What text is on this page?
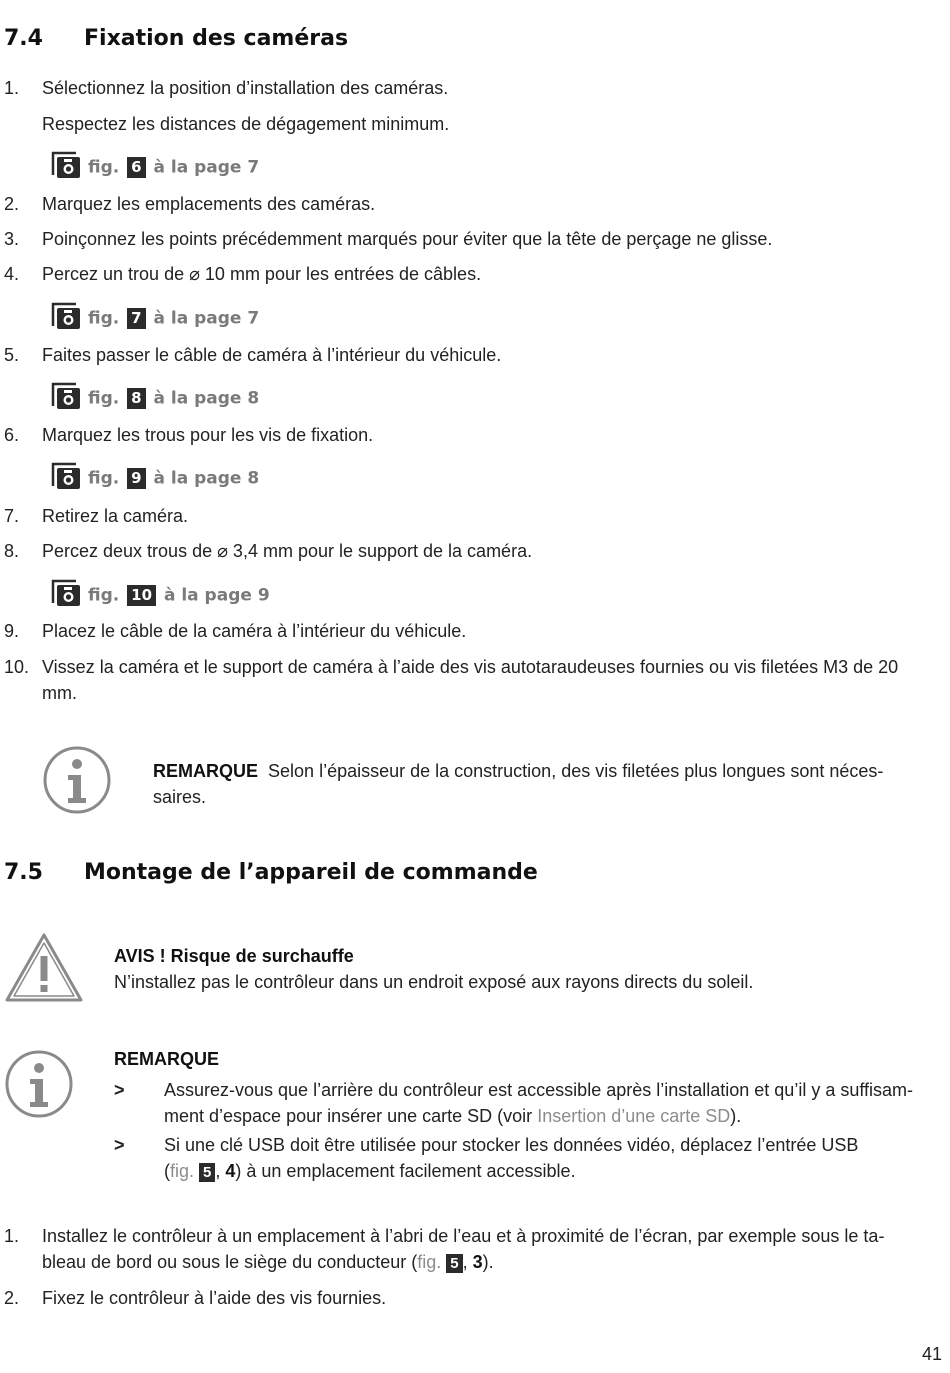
7.4 Fixation des caméras
1. Sélectionnez la position d’installation des caméras.
Respectez les distances de dégagement minimum.
fig. 6 à la page 7
2. Marquez les emplacements des caméras.
3. Poinçonnez les points précédemment marqués pour éviter que la tête de perçage ne glisse.
4. Percez un trou de ⌀ 10 mm pour les entrées de câbles.
fig. 7 à la page 7
5. Faites passer le câble de caméra à l’intérieur du véhicule.
fig. 8 à la page 8
6. Marquez les trous pour les vis de fixation.
fig. 9 à la page 8
7. Retirez la caméra.
8. Percez deux trous de ⌀ 3,4 mm pour le support de la caméra.
fig. 10 à la page 9
9. Placez le câble de la caméra à l’intérieur du véhicule.
10. Vissez la caméra et le support de caméra à l’aide des vis autotaraudeuses fournies ou vis filetées M3 de 20 mm.
REMARQUE Selon l’épaisseur de la construction, des vis filetées plus longues sont néces-
saires.
7.5 Montage de l’appareil de commande
AVIS ! Risque de surchauffe
N’installez pas le contrôleur dans un endroit exposé aux rayons directs du soleil.
REMARQUE
> Assurez-vous que l’arrière du contrôleur est accessible après l’installation et qu’il y a suffisam-
ment d’espace pour insérer une carte SD (voir Insertion d’une carte SD).
> Si une clé USB doit être utilisée pour stocker les données vidéo, déplacez l’entrée USB
(fig. 5 , 4) à un emplacement facilement accessible.
1. Installez le contrôleur à un emplacement à l’abri de l’eau et à proximité de l’écran, par exemple sous le ta-
bleau de bord ou sous le siège du conducteur (fig. 5 , 3).
2. Fixez le contrôleur à l’aide des vis fournies.
41
